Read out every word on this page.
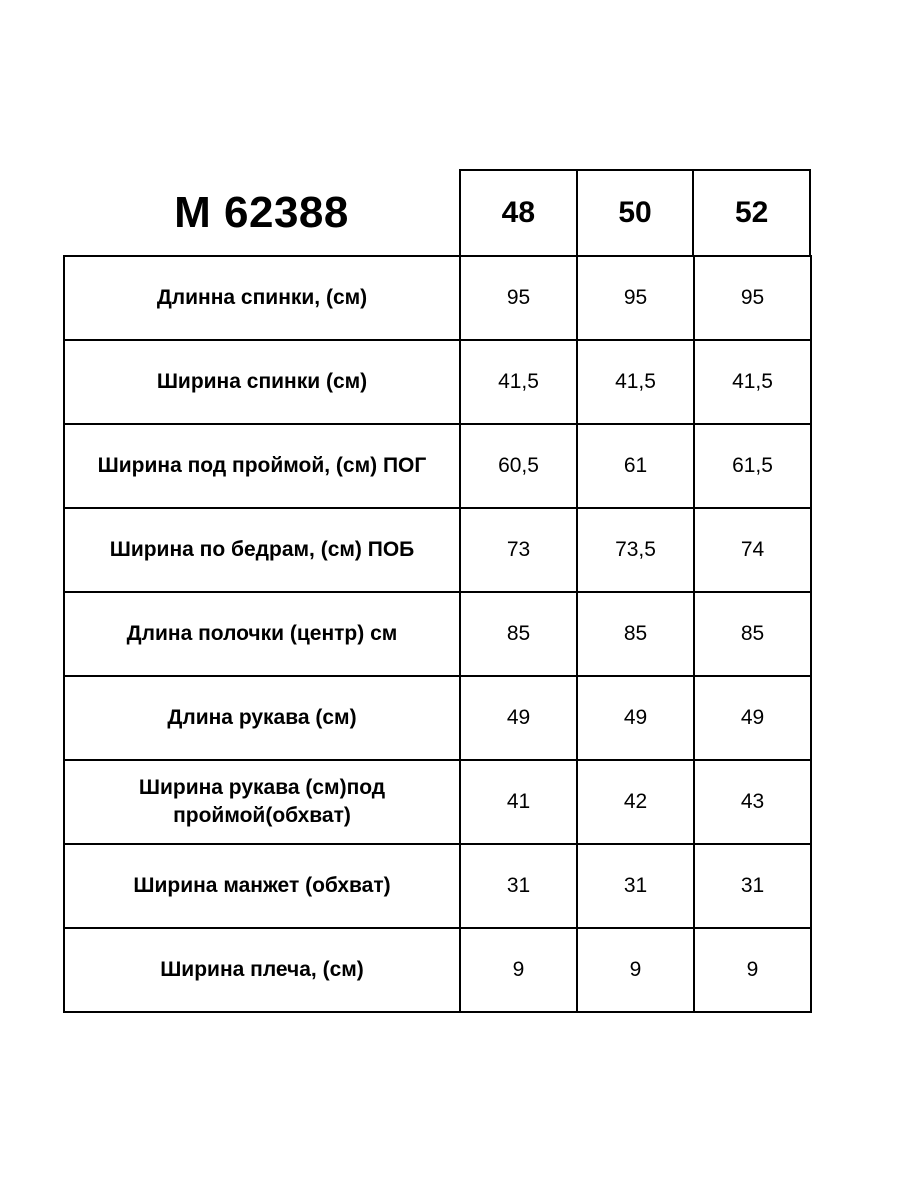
M 62388	48	50	52
Длинна спинки, (см)	95	95	95
Ширина спинки (см)	41,5	41,5	41,5
Ширина под проймой, (см) ПОГ	60,5	61	61,5
Ширина по бедрам, (см) ПОБ	73	73,5	74
Длина полочки (центр) см	85	85	85
Длина рукава (см)	49	49	49
Ширина рукава (см)под проймой(обхват)	41	42	43
Ширина манжет (обхват)	31	31	31
Ширина плеча, (см)	9	9	9
